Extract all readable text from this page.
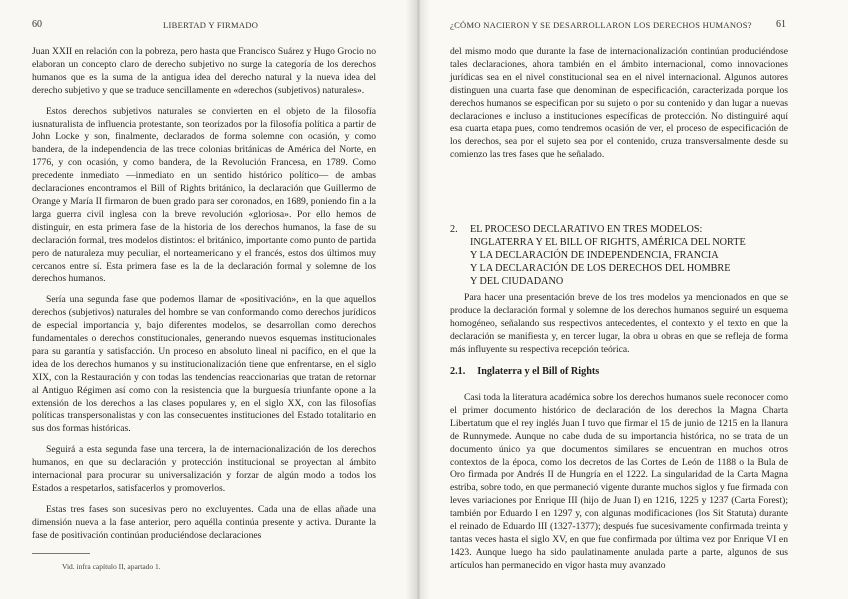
60	LIBERTAD Y FIRMADO

Juan XXII en relación con la pobreza, pero hasta que Francisco Suárez y Hugo Grocio no elaboran un concepto claro de derecho subjetivo no surge la categoría de los derechos humanos que es la suma de la antigua idea del derecho natural y la nueva idea del derecho subjetivo y que se traduce sencillamente en «derechos (subjetivos) naturales».

Estos derechos subjetivos naturales se convierten en el objeto de la filosofía iusnaturalista de influencia protestante, son teorizados por la filosofía política a partir de John Locke y son, finalmente, declarados de forma solemne con ocasión, y como bandera, de la independencia de las trece colonias británicas de América del Norte, en 1776, y con ocasión, y como bandera, de la Revolución Francesa, en 1789. Como precedente inmediato —inmediato en un sentido histórico político— de ambas declaraciones encontramos el Bill of Rights británico, la declaración que Guillermo de Orange y María II firmaron de buen grado para ser coronados, en 1689, poniendo fin a la larga guerra civil inglesa con la breve revolución «gloriosa». Por ello hemos de distinguir, en esta primera fase de la historia de los derechos humanos, la fase de su declaración formal, tres modelos distintos: el británico, importante como punto de partida pero de naturaleza muy peculiar, el norteamericano y el francés, estos dos últimos muy cercanos entre sí. Esta primera fase es la de la declaración formal y solemne de los derechos humanos.

Sería una segunda fase que podemos llamar de «positivación», en la que aquellos derechos (subjetivos) naturales del hombre se van conformando como derechos jurídicos de especial importancia y, bajo diferentes modelos, se desarrollan como derechos fundamentales o derechos constitucionales, generando nuevos esquemas institucionales para su garantía y satisfacción. Un proceso en absoluto lineal ni pacífico, en el que la idea de los derechos humanos y su institucionalización tiene que enfrentarse, en el siglo XIX, con la Restauración y con todas las tendencias reaccionarias que tratan de retornar al Antiguo Régimen así como con la resistencia que la burguesía triunfante opone a la extensión de los derechos a las clases populares y, en el siglo XX, con las filosofías políticas transpersonalistas y con las consecuentes instituciones del Estado totalitario en sus dos formas históricas.

Seguirá a esta segunda fase una tercera, la de internacionalización de los derechos humanos, en que su declaración y protección institucional se proyectan al ámbito internacional para procurar su universalización y forzar de algún modo a todos los Estados a respetarlos, satisfacerlos y promoverlos.

Estas tres fases son sucesivas pero no excluyentes. Cada una de ellas añade una dimensión nueva a la fase anterior, pero aquélla continúa presente y activa. Durante la fase de positivación continúan produciéndose declaraciones

Vid. infra capítulo II, apartado 1.
¿CÓMO NACIERON Y SE DESARROLLARON LOS DERECHOS HUMANOS? 61

del mismo modo que durante la fase de internacionalización continúan produciéndose tales declaraciones, ahora también en el ámbito internacional, como innovaciones jurídicas sea en el nivel constitucional sea en el nivel internacional. Algunos autores distinguen una cuarta fase que denominan de especificación, caracterizada porque los derechos humanos se especifican por su sujeto o por su contenido y dan lugar a nuevas declaraciones e incluso a instituciones específicas de protección. No distinguiré aquí esa cuarta etapa pues, como tendremos ocasión de ver, el proceso de especificación de los derechos, sea por el sujeto sea por el contenido, cruza transversalmente desde su comienzo las tres fases que he señalado.

2. EL PROCESO DECLARATIVO EN TRES MODELOS:
INGLATERRA Y EL BILL OF RIGHTS, AMÉRICA DEL NORTE
Y LA DECLARACIÓN DE INDEPENDENCIA, FRANCIA
Y LA DECLARACIÓN DE LOS DERECHOS DEL HOMBRE
Y DEL CIUDADANO

Para hacer una presentación breve de los tres modelos ya mencionados en que se produce la declaración formal y solemne de los derechos humanos seguiré un esquema homogéneo, señalando sus respectivos antecedentes, el contexto y el texto en que la declaración se manifiesta y, en tercer lugar, la obra u obras en que se refleja de forma más influyente su respectiva recepción teórica.

2.1. Inglaterra y el Bill of Rights

Casi toda la literatura académica sobre los derechos humanos suele reconocer como el primer documento histórico de declaración de los derechos la Magna Charta Libertatum que el rey inglés Juan I tuvo que firmar el 15 de junio de 1215 en la llanura de Runnymede. Aunque no cabe duda de su importancia histórica, no se trata de un documento único ya que documentos similares se encuentran en muchos otros contextos de la época, como los decretos de las Cortes de León de 1188 o la Bula de Oro firmada por Andrés II de Hungría en el 1222. La singularidad de la Carta Magna estriba, sobre todo, en que permaneció vigente durante muchos siglos y fue firmada con leves variaciones por Enrique III (hijo de Juan I) en 1216, 1225 y 1237 (Carta Forest); también por Eduardo I en 1297 y, con algunas modificaciones (los Sit Statuta) durante el reinado de Eduardo III (1327-1377); después fue sucesivamente confirmada treinta y tantas veces hasta el siglo XV, en que fue confirmada por última vez por Enrique VI en 1423. Aunque luego ha sido paulatinamente anulada parte a parte, algunos de sus artículos han permanecido en vigor hasta muy avanzado
